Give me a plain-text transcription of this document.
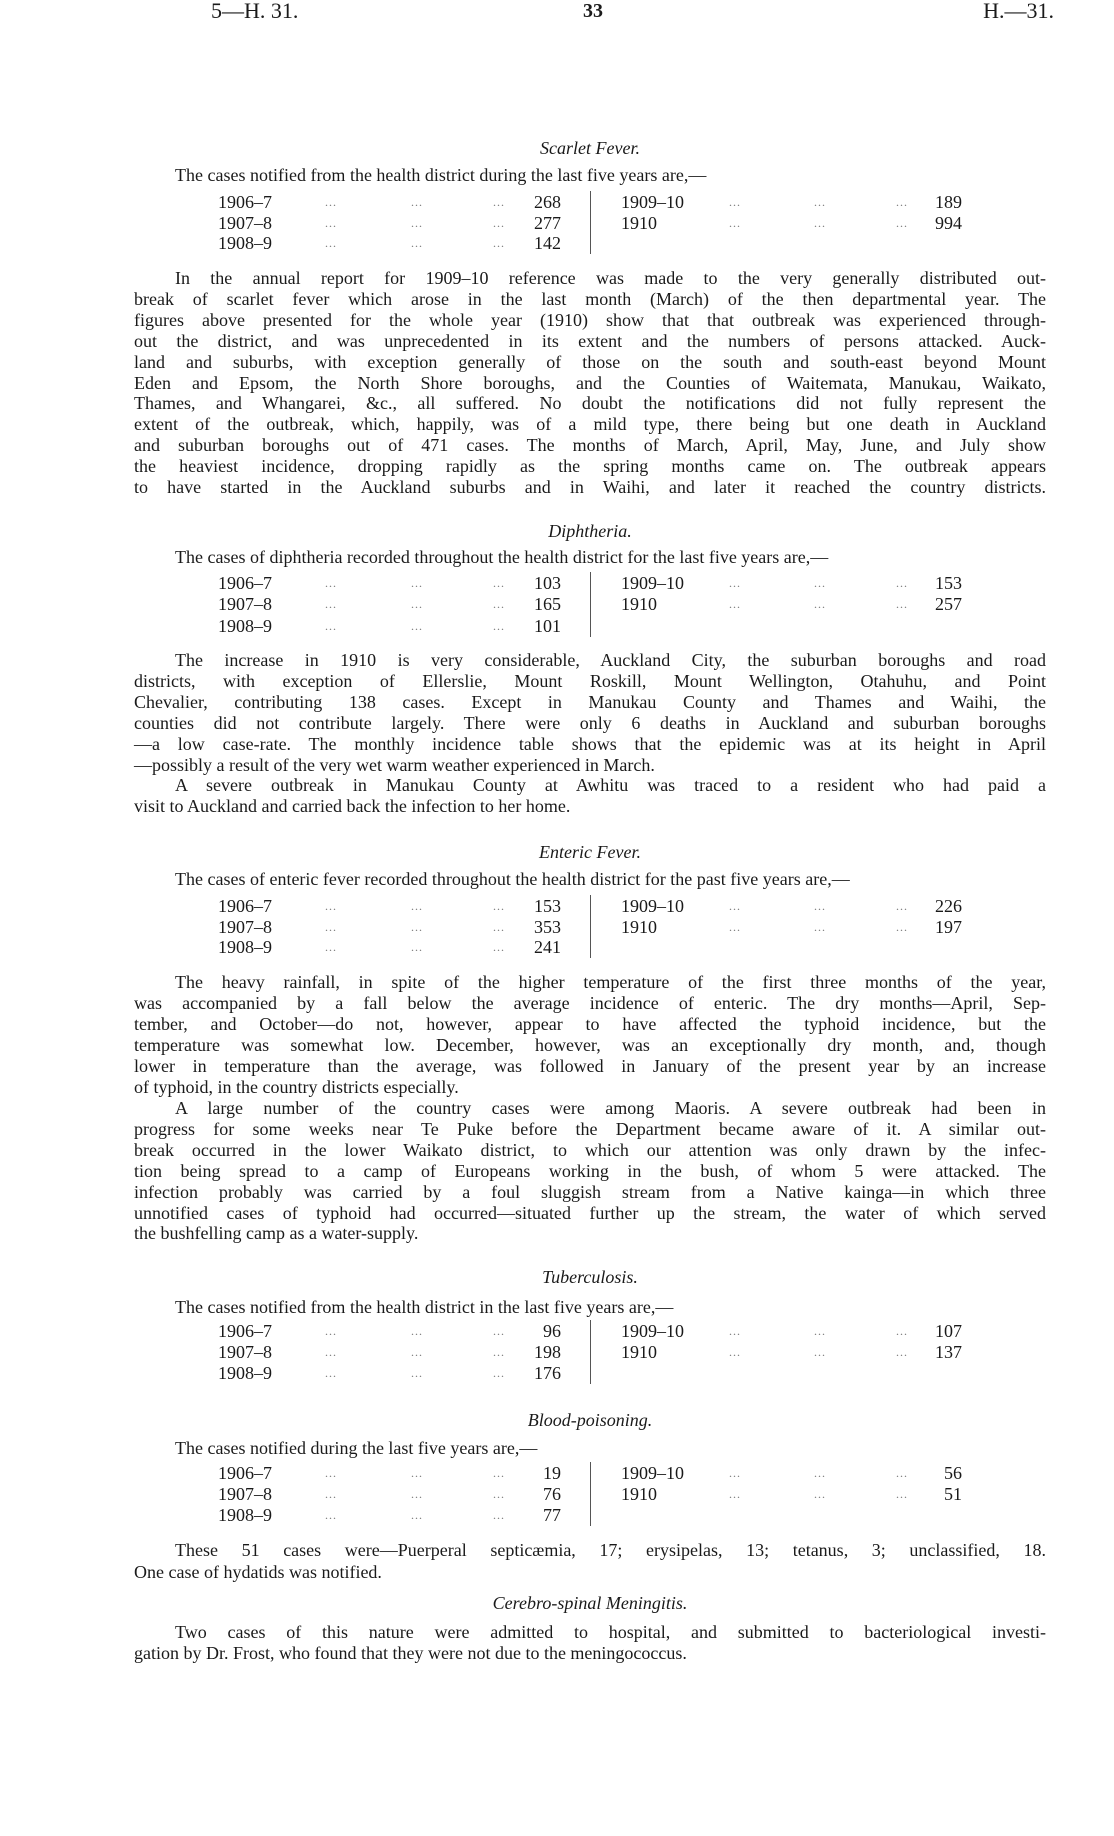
33	H.—31.
Scarlet Fever.
The cases notified from the health district during the last five years are,—
1906–7	...	...	...	268
1907–8	...	...	...	277
1908–9	...	...	...	142
1909–10	...	...	...	189
1910	...	...	...	994
In the annual report for 1909–10 reference was made to the very generally distributed out-
break of scarlet fever which arose in the last month (March) of the then departmental year. The
figures above presented for the whole year (1910) show that that outbreak was experienced through-
out the district, and was unprecedented in its extent and the numbers of persons attacked. Auck-
land and suburbs, with exception generally of those on the south and south-east beyond Mount
Eden and Epsom, the North Shore boroughs, and the Counties of Waitemata, Manukau, Waikato,
Thames, and Whangarei, &c., all suffered. No doubt the notifications did not fully represent the
extent of the outbreak, which, happily, was of a mild type, there being but one death in Auckland
and suburban boroughs out of 471 cases. The months of March, April, May, June, and July show
the heaviest incidence, dropping rapidly as the spring months came on. The outbreak appears
to have started in the Auckland suburbs and in Waihi, and later it reached the country districts.
Diphtheria.
The cases of diphtheria recorded throughout the health district for the last five years are,—
1906–7	...	...	...	103
1907–8	...	...	...	165
1908–9	...	...	...	101
1909–10	...	...	...	153
1910	...	...	...	257
The increase in 1910 is very considerable, Auckland City, the suburban boroughs and road
districts, with exception of Ellerslie, Mount Roskill, Mount Wellington, Otahuhu, and Point
Chevalier, contributing 138 cases. Except in Manukau County and Thames and Waihi, the
counties did not contribute largely. There were only 6 deaths in Auckland and suburban boroughs
—a low case-rate. The monthly incidence table shows that the epidemic was at its height in April
—possibly a result of the very wet warm weather experienced in March.
A severe outbreak in Manukau County at Awhitu was traced to a resident who had paid a
visit to Auckland and carried back the infection to her home.
Enteric Fever.
The cases of enteric fever recorded throughout the health district for the past five years are,—
1906–7	...	...	...	153
1907–8	...	...	...	353
1908–9	...	...	...	241
1909–10	...	...	...	226
1910	...	...	...	197
The heavy rainfall, in spite of the higher temperature of the first three months of the year,
was accompanied by a fall below the average incidence of enteric. The dry months—April, Sep-
tember, and October—do not, however, appear to have affected the typhoid incidence, but the
temperature was somewhat low. December, however, was an exceptionally dry month, and, though
lower in temperature than the average, was followed in January of the present year by an increase
of typhoid, in the country districts especially.
A large number of the country cases were among Maoris. A severe outbreak had been in
progress for some weeks near Te Puke before the Department became aware of it. A similar out-
break occurred in the lower Waikato district, to which our attention was only drawn by the infec-
tion being spread to a camp of Europeans working in the bush, of whom 5 were attacked. The
infection probably was carried by a foul sluggish stream from a Native kainga—in which three
unnotified cases of typhoid had occurred—situated further up the stream, the water of which served
the bushfelling camp as a water-supply.
Tuberculosis.
The cases notified from the health district in the last five years are,—
1906–7	...	...	...	96
1907–8	...	...	...	198
1908–9	...	...	...	176
1909–10	...	...	...	107
1910	...	...	...	137
Blood-poisoning.
The cases notified during the last five years are,—
1906–7	...	...	...	19
1907–8	...	...	...	76
1908–9	...	...	...	77
1909–10	...	...	...	56
1910	...	...	...	51
These 51 cases were—Puerperal septicæmia, 17; erysipelas, 13; tetanus, 3; unclassified, 18.
One case of hydatids was notified.
Cerebro-spinal Meningitis.
Two cases of this nature were admitted to hospital, and submitted to bacteriological investi-
gation by Dr. Frost, who found that they were not due to the meningococcus.
5—H. 31.
